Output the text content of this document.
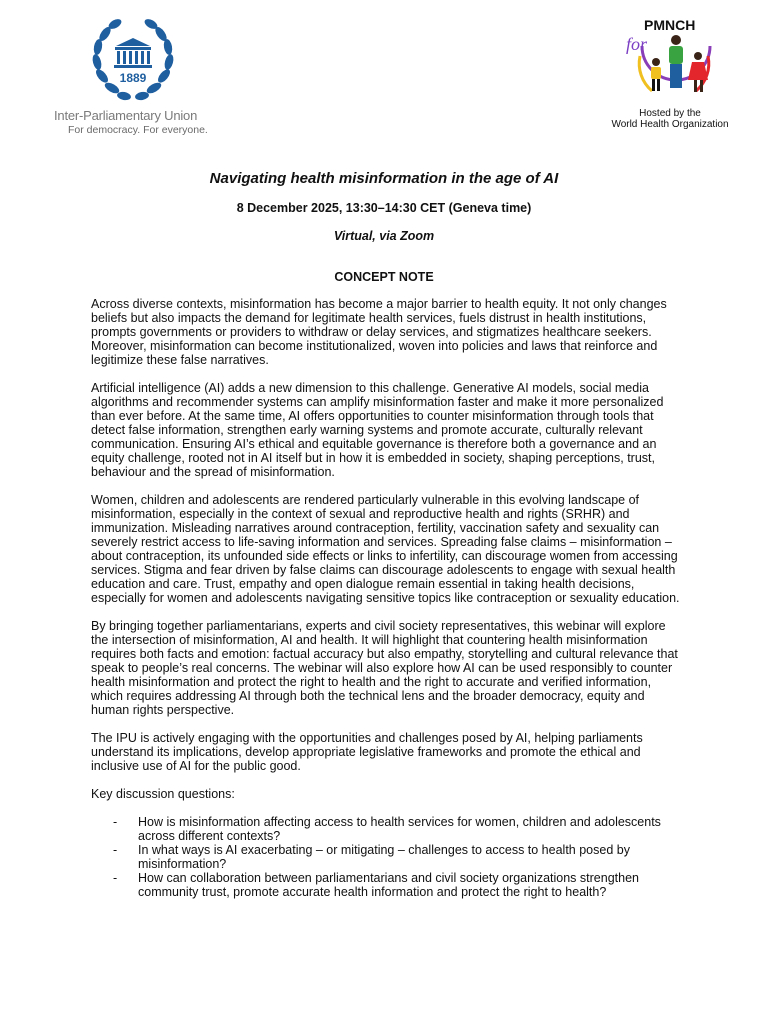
1889
Inter-Parliamentary Union
For democracy. For everyone.
for
PMNCH
Hosted by the
World Health Organization
Navigating health misinformation in the age of AI
8 December 2025, 13:30–14:30 CET (Geneva time)
Virtual, via Zoom
CONCEPT NOTE

Across diverse contexts, misinformation has become a major barrier to health equity. It not only changes beliefs but also impacts the demand for legitimate health services, fuels distrust in health institutions, prompts governments or providers to withdraw or delay services, and stigmatizes healthcare seekers. Moreover, misinformation can become institutionalized, woven into policies and laws that reinforce and legitimize these false narratives.

Artificial intelligence (AI) adds a new dimension to this challenge. Generative AI models, social media algorithms and recommender systems can amplify misinformation faster and make it more personalized than ever before. At the same time, AI offers opportunities to counter misinformation through tools that detect false information, strengthen early warning systems and promote accurate, culturally relevant communication. Ensuring AI’s ethical and equitable governance is therefore both a governance and an equity challenge, rooted not in AI itself but in how it is embedded in society, shaping perceptions, trust, behaviour and the spread of misinformation.

Women, children and adolescents are rendered particularly vulnerable in this evolving landscape of misinformation, especially in the context of sexual and reproductive health and rights (SRHR) and immunization. Misleading narratives around contraception, fertility, vaccination safety and sexuality can severely restrict access to life-saving information and services. Spreading false claims – misinformation – about contraception, its unfounded side effects or links to infertility, can discourage women from accessing services. Stigma and fear driven by false claims can discourage adolescents to engage with sexual health education and care. Trust, empathy and open dialogue remain essential in taking health decisions, especially for women and adolescents navigating sensitive topics like contraception or sexuality education.

By bringing together parliamentarians, experts and civil society representatives, this webinar will explore the intersection of misinformation, AI and health. It will highlight that countering health misinformation requires both facts and emotion: factual accuracy but also empathy, storytelling and cultural relevance that speak to people’s real concerns. The webinar will also explore how AI can be used responsibly to counter health misinformation and protect the right to health and the right to accurate and verified information, which requires addressing AI through both the technical lens and the broader democracy, equity and human rights perspective.

The IPU is actively engaging with the opportunities and challenges posed by AI, helping parliaments understand its implications, develop appropriate legislative frameworks and promote the ethical and inclusive use of AI for the public good.

Key discussion questions:
- How is misinformation affecting access to health services for women, children and adolescents across different contexts?
- In what ways is AI exacerbating – or mitigating – challenges to access to health posed by misinformation?
- How can collaboration between parliamentarians and civil society organizations strengthen community trust, promote accurate health information and protect the right to health?
